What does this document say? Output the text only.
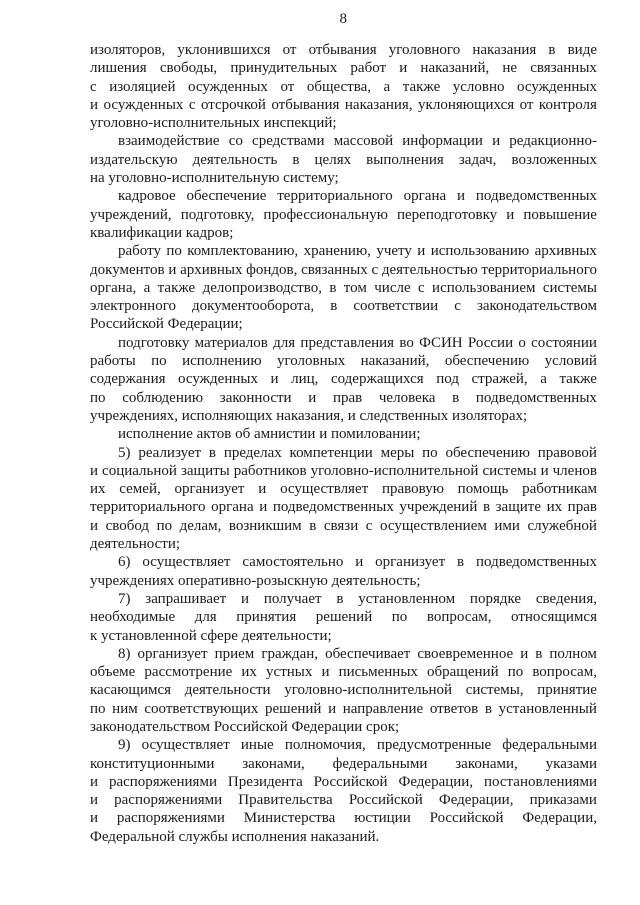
8
изоляторов, уклонившихся от отбывания уголовного наказания в виде
лишения свободы, принудительных работ и наказаний, не связанных
с изоляцией осужденных от общества, а также условно осужденных
и осужденных с отсрочкой отбывания наказания, уклоняющихся от контроля
уголовно-исполнительных инспекций;
взаимодействие со средствами массовой информации и редакционно-
издательскую деятельность в целях выполнения задач, возложенных
на уголовно-исполнительную систему;
кадровое обеспечение территориального органа и подведомственных
учреждений, подготовку, профессиональную переподготовку и повышение
квалификации кадров;
работу по комплектованию, хранению, учету и использованию архивных
документов и архивных фондов, связанных с деятельностью территориального
органа, а также делопроизводство, в том числе с использованием системы
электронного документооборота, в соответствии с законодательством
Российской Федерации;
подготовку материалов для представления во ФСИН России о состоянии
работы по исполнению уголовных наказаний, обеспечению условий
содержания осужденных и лиц, содержащихся под стражей, а также
по соблюдению законности и прав человека в подведомственных
учреждениях, исполняющих наказания, и следственных изоляторах;
исполнение актов об амнистии и помиловании;
5) реализует в пределах компетенции меры по обеспечению правовой
и социальной защиты работников уголовно-исполнительной системы и членов
их семей, организует и осуществляет правовую помощь работникам
территориального органа и подведомственных учреждений в защите их прав
и свобод по делам, возникшим в связи с осуществлением ими служебной
деятельности;
6) осуществляет самостоятельно и организует в подведомственных
учреждениях оперативно-розыскную деятельность;
7) запрашивает и получает в установленном порядке сведения,
необходимые для принятия решений по вопросам, относящимся
к установленной сфере деятельности;
8) организует прием граждан, обеспечивает своевременное и в полном
объеме рассмотрение их устных и письменных обращений по вопросам,
касающимся деятельности уголовно-исполнительной системы, принятие
по ним соответствующих решений и направление ответов в установленный
законодательством Российской Федерации срок;
9) осуществляет иные полномочия, предусмотренные федеральными
конституционными законами, федеральными законами, указами
и распоряжениями Президента Российской Федерации, постановлениями
и распоряжениями Правительства Российской Федерации, приказами
и распоряжениями Министерства юстиции Российской Федерации,
Федеральной службы исполнения наказаний.
